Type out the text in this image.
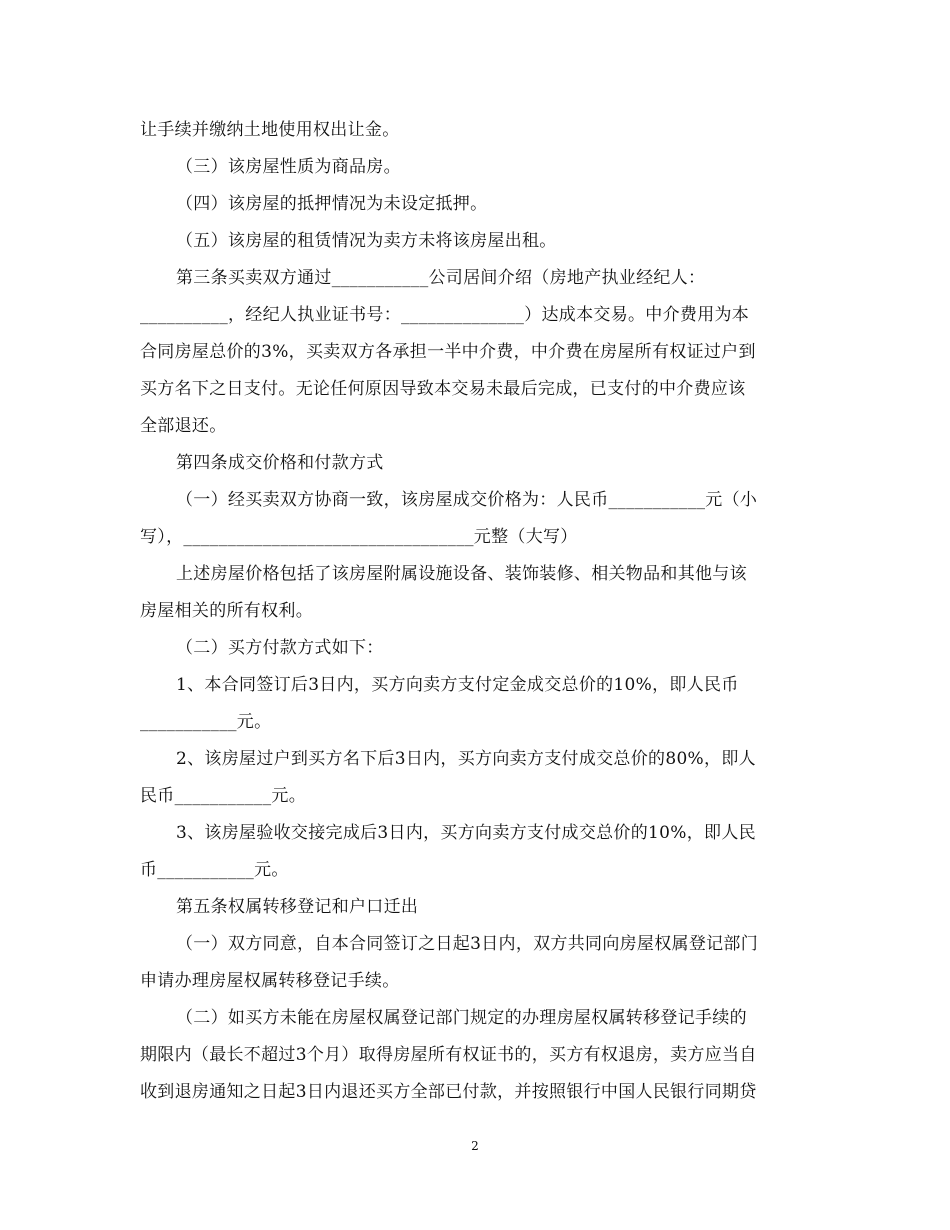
让手续并缴纳土地使用权出让金。
（三）该房屋性质为商品房。
（四）该房屋的抵押情况为未设定抵押。
（五）该房屋的租赁情况为卖方未将该房屋出租。
第三条买卖双方通过___________公司居间介绍（房地产执业经纪人：
__________，经纪人执业证书号：______________）达成本交易。中介费用为本
合同房屋总价的3%，买卖双方各承担一半中介费，中介费在房屋所有权证过户到
买方名下之日支付。无论任何原因导致本交易未最后完成，已支付的中介费应该
全部退还。
第四条成交价格和付款方式
（一）经买卖双方协商一致，该房屋成交价格为：人民币___________元（小
写），_________________________________元整（大写）
上述房屋价格包括了该房屋附属设施设备、装饰装修、相关物品和其他与该
房屋相关的所有权利。
（二）买方付款方式如下：
1、本合同签订后3日内，买方向卖方支付定金成交总价的10%，即人民币
___________元。
2、该房屋过户到买方名下后3日内，买方向卖方支付成交总价的80%，即人
民币___________元。
3、该房屋验收交接完成后3日内，买方向卖方支付成交总价的10%，即人民
币___________元。
第五条权属转移登记和户口迁出
（一）双方同意，自本合同签订之日起3日内，双方共同向房屋权属登记部门
申请办理房屋权属转移登记手续。
（二）如买方未能在房屋权属登记部门规定的办理房屋权属转移登记手续的
期限内（最长不超过3个月）取得房屋所有权证书的，买方有权退房，卖方应当自
收到退房通知之日起3日内退还买方全部已付款，并按照银行中国人民银行同期贷
2
